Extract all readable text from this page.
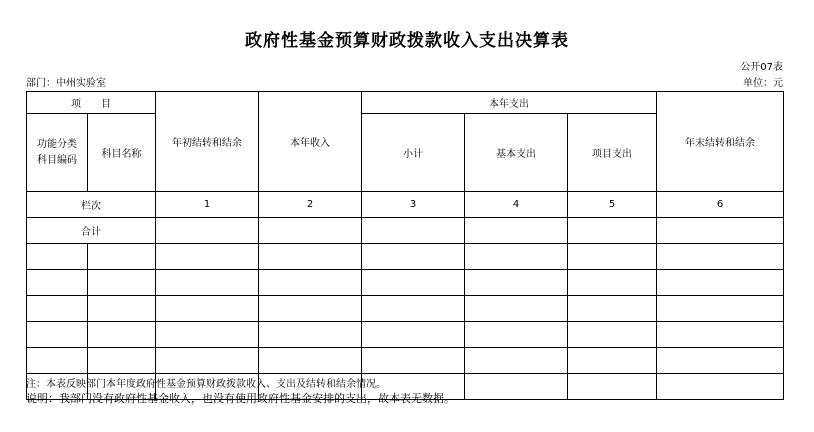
政府性基金预算财政拨款收入支出决算表
公开07表
部门：中州实验室	单位：元
项　　目		年初结转和结余	本年收入	本年支出			年末结转和结余

功能分类
科目编码	科目名称			小计	基本支出	项目支出	
栏次		1	2	3	4	5	6
合计							

注：本表反映部门本年度政府性基金预算财政拨款收入、支出及结转和结余情况。
说明：我部门没有政府性基金收入，也没有使用政府性基金安排的支出，故本表无数据。
